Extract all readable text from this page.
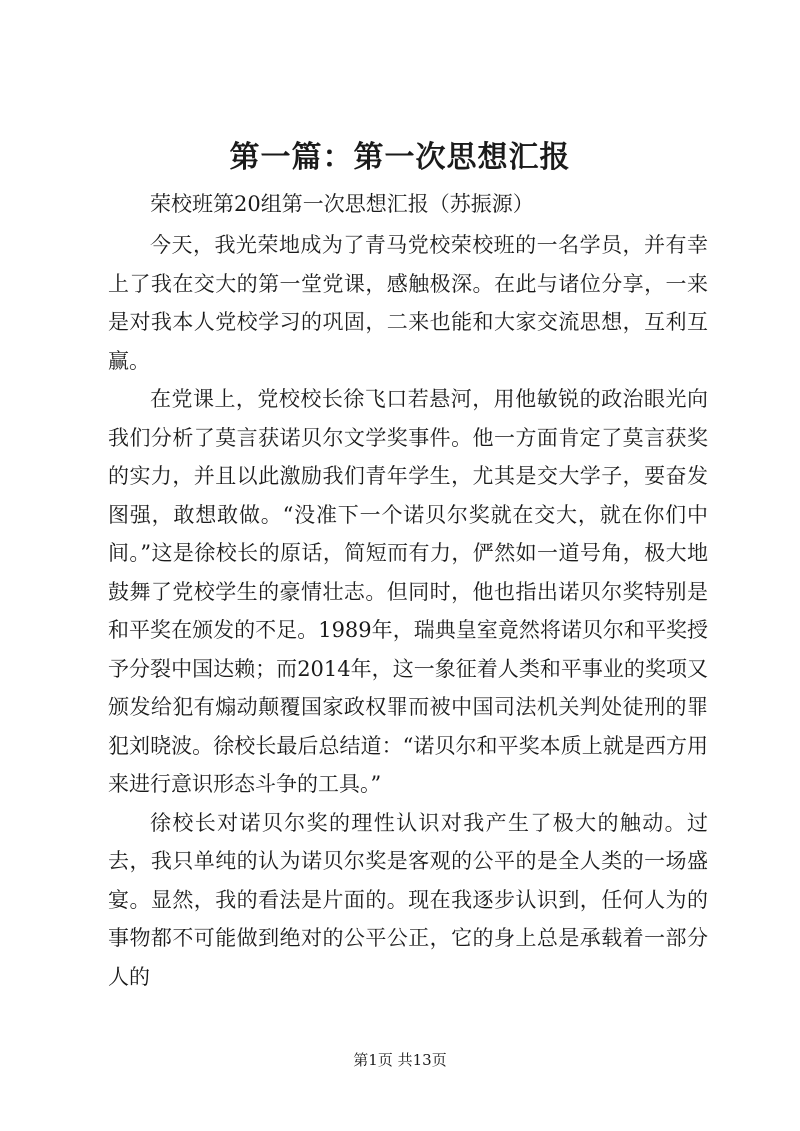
第一篇：第一次思想汇报

荣校班第20组第一次思想汇报（苏振源）

今天，我光荣地成为了青马党校荣校班的一名学员，并有幸上了我在交大的第一堂党课，感触极深。在此与诸位分享，一来是对我本人党校学习的巩固，二来也能和大家交流思想，互利互赢。

在党课上，党校校长徐飞口若悬河，用他敏锐的政治眼光向我们分析了莫言获诺贝尔文学奖事件。他一方面肯定了莫言获奖的实力，并且以此激励我们青年学生，尤其是交大学子，要奋发图强，敢想敢做。“没准下一个诺贝尔奖就在交大，就在你们中间。”这是徐校长的原话，简短而有力，俨然如一道号角，极大地鼓舞了党校学生的豪情壮志。但同时，他也指出诺贝尔奖特别是和平奖在颁发的不足。1989年，瑞典皇室竟然将诺贝尔和平奖授予分裂中国达赖；而2014年，这一象征着人类和平事业的奖项又颁发给犯有煽动颠覆国家政权罪而被中国司法机关判处徒刑的罪犯刘晓波。徐校长最后总结道：“诺贝尔和平奖本质上就是西方用来进行意识形态斗争的工具。”

徐校长对诺贝尔奖的理性认识对我产生了极大的触动。过去，我只单纯的认为诺贝尔奖是客观的公平的是全人类的一场盛宴。显然，我的看法是片面的。现在我逐步认识到，任何人为的事物都不可能做到绝对的公平公正，它的身上总是承载着一部分人的

第1页 共13页
